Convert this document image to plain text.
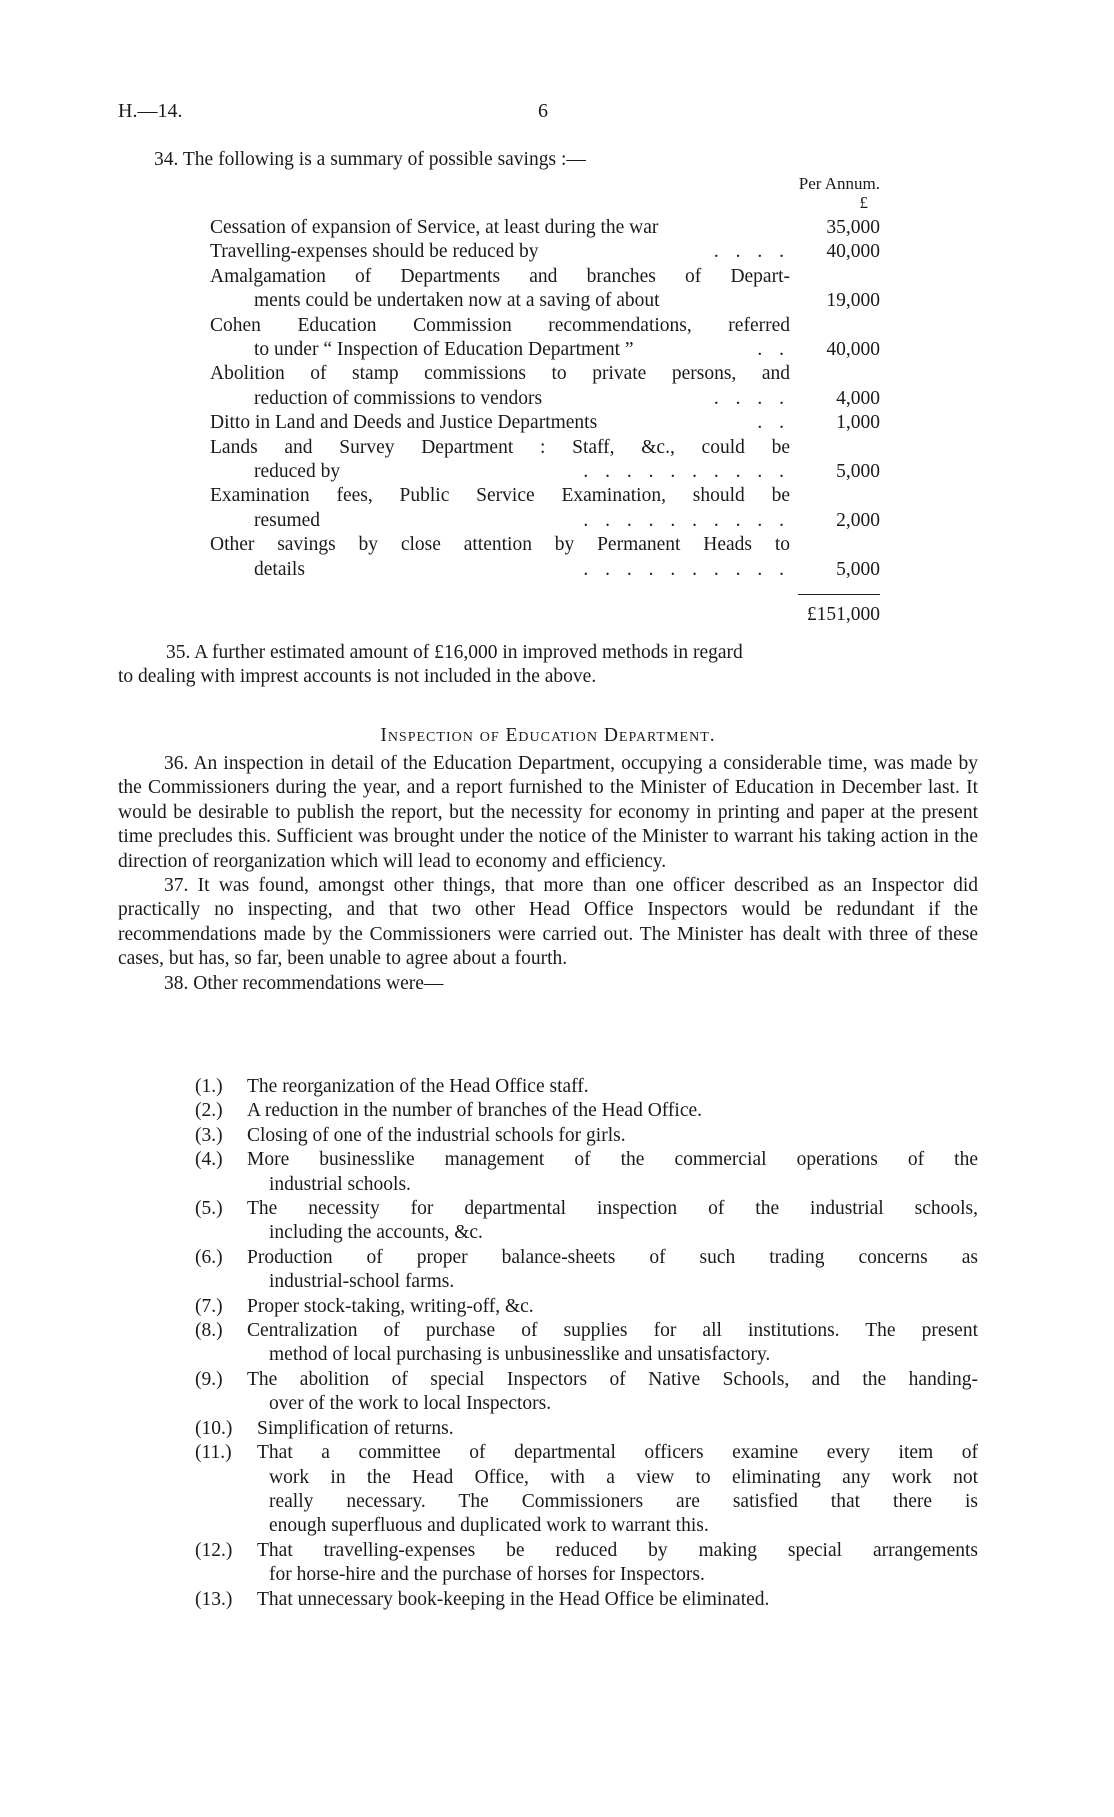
H.—14.	6
34. The following is a summary of possible savings :—
Per Annum.
£
Cessation of expansion of Service, at least during the war	35,000
Travelling-expenses should be reduced by	. . . .	40,000
Amalgamation of Departments and branches of Depart-
ments could be undertaken now at a saving of about	19,000
Cohen Education Commission recommendations, referred
to under “ Inspection of Education Department ”	. .	40,000
Abolition of stamp commissions to private persons, and
reduction of commissions to vendors	. . . .	4,000
Ditto in Land and Deeds and Justice Departments	. .	1,000
Lands and Survey Department : Staff, &c., could be
reduced by	. . . . . . . . . .	5,000
Examination fees, Public Service Examination, should be
resumed	. . . . . . . . . .	2,000
Other savings by close attention by Permanent Heads to
details	. . . . . . . . . .	5,000
£151,000
35. A further estimated amount of £16,000 in improved methods in regard
to dealing with imprest accounts is not included in the above.
Inspection of Education Department.

36. An inspection in detail of the Education Department, occupying a considerable time, was made by the Commissioners during the year, and a report furnished to the Minister of Education in December last. It would be desirable to publish the report, but the necessity for economy in printing and paper at the present time precludes this. Sufficient was brought under the notice of the Minister to warrant his taking action in the direction of reorganization which will lead to economy and efficiency.

37. It was found, amongst other things, that more than one officer described as an Inspector did practically no inspecting, and that two other Head Office Inspectors would be redundant if the recommendations made by the Commissioners were carried out. The Minister has dealt with three of these cases, but has, so far, been unable to agree about a fourth.

38. Other recommendations were—

(1.)	The reorganization of the Head Office staff.
(2.)	A reduction in the number of branches of the Head Office.
(3.)	Closing of one of the industrial schools for girls.
(4.)	More businesslike management of the commercial operations of the
industrial schools.
(5.)	The necessity for departmental inspection of the industrial schools,
including the accounts, &c.
(6.)	Production of proper balance-sheets of such trading concerns as
industrial-school farms.
(7.)	Proper stock-taking, writing-off, &c.
(8.)	Centralization of purchase of supplies for all institutions. The present
method of local purchasing is unbusinesslike and unsatisfactory.
(9.)	The abolition of special Inspectors of Native Schools, and the handing-
over of the work to local Inspectors.
(10.)	Simplification of returns.
(11.)	That a committee of departmental officers examine every item of
work in the Head Office, with a view to eliminating any work not
really necessary. The Commissioners are satisfied that there is
enough superfluous and duplicated work to warrant this.
(12.)	That travelling-expenses be reduced by making special arrangements
for horse-hire and the purchase of horses for Inspectors.
(13.)	That unnecessary book-keeping in the Head Office be eliminated.
